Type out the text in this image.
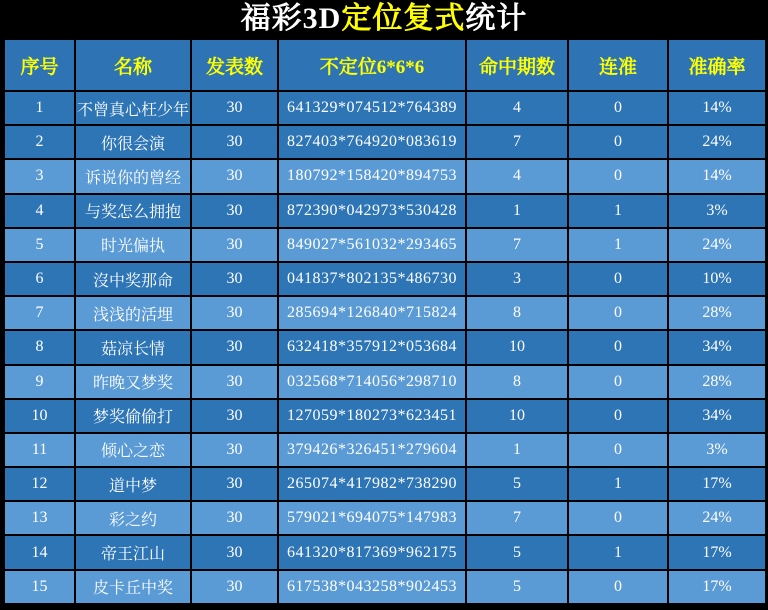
福彩3D 定位复式 统计
序号	名称	发表数	不定位6*6*6	命中期数	连准	准确率
1	不曾真心枉少年	30	641329*074512*764389	4	0	14%
2	你很会演	30	827403*764920*083619	7	0	24%
3	诉说你的曾经	30	180792*158420*894753	4	0	14%
4	与奖怎么拥抱	30	872390*042973*530428	1	1	3%
5	时光偏执	30	849027*561032*293465	7	1	24%
6	沒中奖那命	30	041837*802135*486730	3	0	10%
7	浅浅的活埋	30	285694*126840*715824	8	0	28%
8	菇凉长情	30	632418*357912*053684	10	0	34%
9	昨晚又梦奖	30	032568*714056*298710	8	0	28%
10	梦奖偷偷打	30	127059*180273*623451	10	0	34%
11	倾心之恋	30	379426*326451*279604	1	0	3%
12	道中梦	30	265074*417982*738290	5	1	17%
13	彩之约	30	579021*694075*147983	7	0	24%
14	帝王江山	30	641320*817369*962175	5	1	17%
15	皮卡丘中奖	30	617538*043258*902453	5	0	17%
